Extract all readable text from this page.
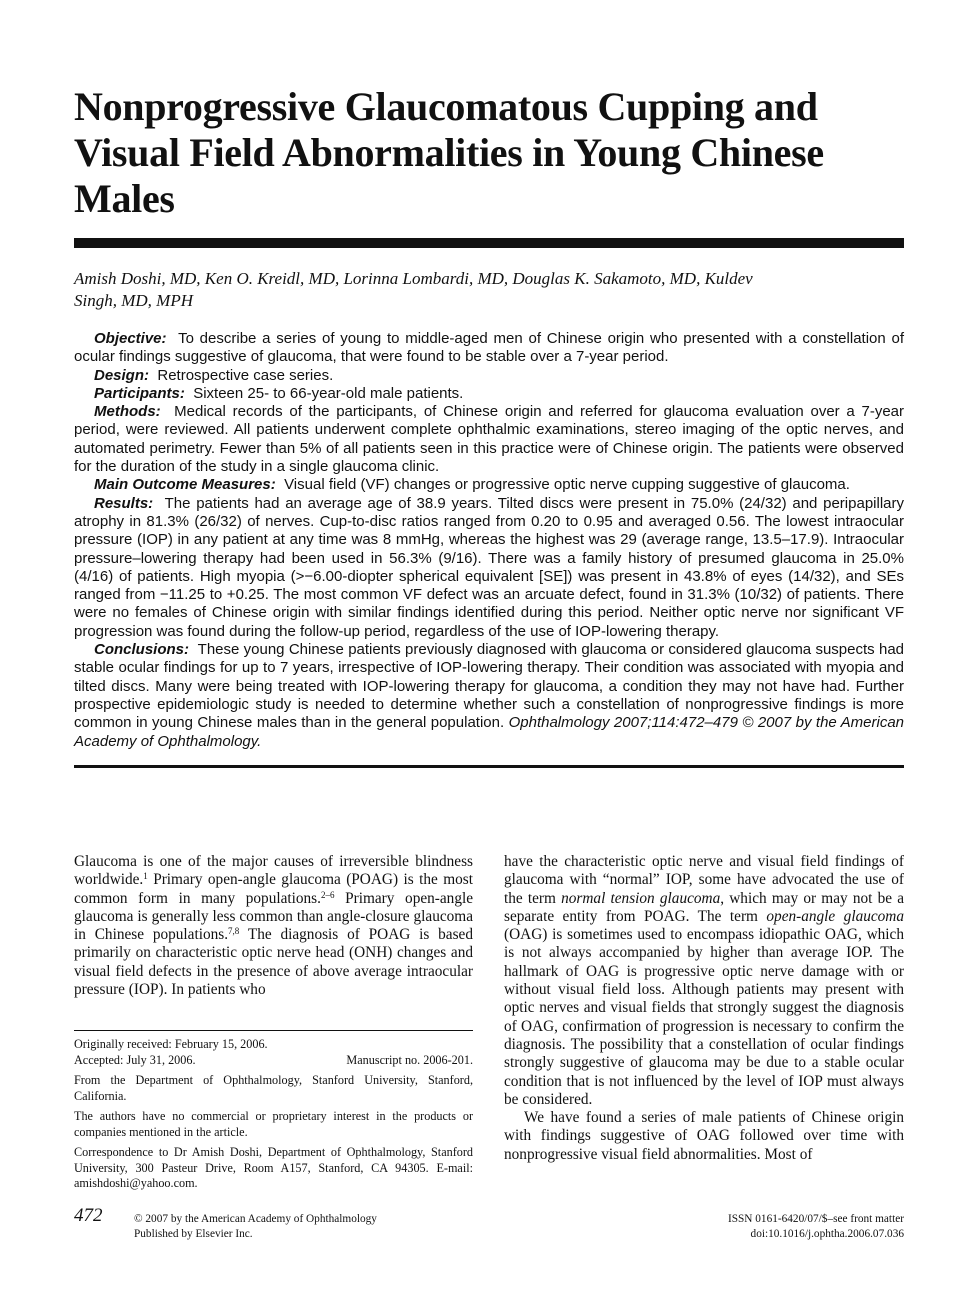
Nonprogressive Glaucomatous Cupping and Visual Field Abnormalities in Young Chinese Males
Amish Doshi, MD, Ken O. Kreidl, MD, Lorinna Lombardi, MD, Douglas K. Sakamoto, MD, Kuldev Singh, MD, MPH

Objective: To describe a series of young to middle-aged men of Chinese origin who presented with a constellation of ocular findings suggestive of glaucoma, that were found to be stable over a 7-year period.

Design: Retrospective case series.

Participants: Sixteen 25- to 66-year-old male patients.

Methods: Medical records of the participants, of Chinese origin and referred for glaucoma evaluation over a 7-year period, were reviewed. All patients underwent complete ophthalmic examinations, stereo imaging of the optic nerves, and automated perimetry. Fewer than 5% of all patients seen in this practice were of Chinese origin. The patients were observed for the duration of the study in a single glaucoma clinic.

Main Outcome Measures: Visual field (VF) changes or progressive optic nerve cupping suggestive of glaucoma.

Results: The patients had an average age of 38.9 years. Tilted discs were present in 75.0% (24/32) and peripapillary atrophy in 81.3% (26/32) of nerves. Cup-to-disc ratios ranged from 0.20 to 0.95 and averaged 0.56. The lowest intraocular pressure (IOP) in any patient at any time was 8 mmHg, whereas the highest was 29 (average range, 13.5–17.9). Intraocular pressure–lowering therapy had been used in 56.3% (9/16). There was a family history of presumed glaucoma in 25.0% (4/16) of patients. High myopia (>−6.00-diopter spherical equivalent [SE]) was present in 43.8% of eyes (14/32), and SEs ranged from −11.25 to +0.25. The most common VF defect was an arcuate defect, found in 31.3% (10/32) of patients. There were no females of Chinese origin with similar findings identified during this period. Neither optic nerve nor significant VF progression was found during the follow-up period, regardless of the use of IOP-lowering therapy.

Conclusions: These young Chinese patients previously diagnosed with glaucoma or considered glaucoma suspects had stable ocular findings for up to 7 years, irrespective of IOP-lowering therapy. Their condition was associated with myopia and tilted discs. Many were being treated with IOP-lowering therapy for glaucoma, a condition they may not have had. Further prospective epidemiologic study is needed to determine whether such a constellation of nonprogressive findings is more common in young Chinese males than in the general population. Ophthalmology 2007;114:472–479 © 2007 by the American Academy of Ophthalmology.

Glaucoma is one of the major causes of irreversible blindness worldwide.$^1$ Primary open-angle glaucoma (POAG) is the most common form in many populations.$^{2-6}$ Primary open-angle glaucoma is generally less common than angle-closure glaucoma in Chinese populations.$^{7,8}$ The diagnosis of POAG is based primarily on characteristic optic nerve head (ONH) changes and visual field defects in the presence of above average intraocular pressure (IOP). In patients who

have the characteristic optic nerve and visual field findings of glaucoma with “normal” IOP, some have advocated the use of the term normal tension glaucoma, which may or may not be a separate entity from POAG. The term open-angle glaucoma (OAG) is sometimes used to encompass idiopathic OAG, which is not always accompanied by higher than average IOP. The hallmark of OAG is progressive optic nerve damage with or without visual field loss. Although patients may present with optic nerves and visual fields that strongly suggest the diagnosis of OAG, confirmation of progression is necessary to confirm the diagnosis. The possibility that a constellation of ocular findings strongly suggestive of glaucoma may be due to a stable ocular condition that is not influenced by the level of IOP must always be considered.

We have found a series of male patients of Chinese origin with findings suggestive of OAG followed over time with nonprogressive visual field abnormalities. Most of

Originally received: February 15, 2006.

Accepted: July 31, 2006.	Manuscript no. 2006-201.

From the Department of Ophthalmology, Stanford University, Stanford, California.

The authors have no commercial or proprietary interest in the products or companies mentioned in the article.

Correspondence to Dr Amish Doshi, Department of Ophthalmology, Stanford University, 300 Pasteur Drive, Room A157, Stanford, CA 94305. E-mail: amishdoshi@yahoo.com.

472	© 2007 by the American Academy of Ophthalmology
Published by Elsevier Inc.
ISSN 0161-6420/07/$–see front matter
doi:10.1016/j.ophtha.2006.07.036
